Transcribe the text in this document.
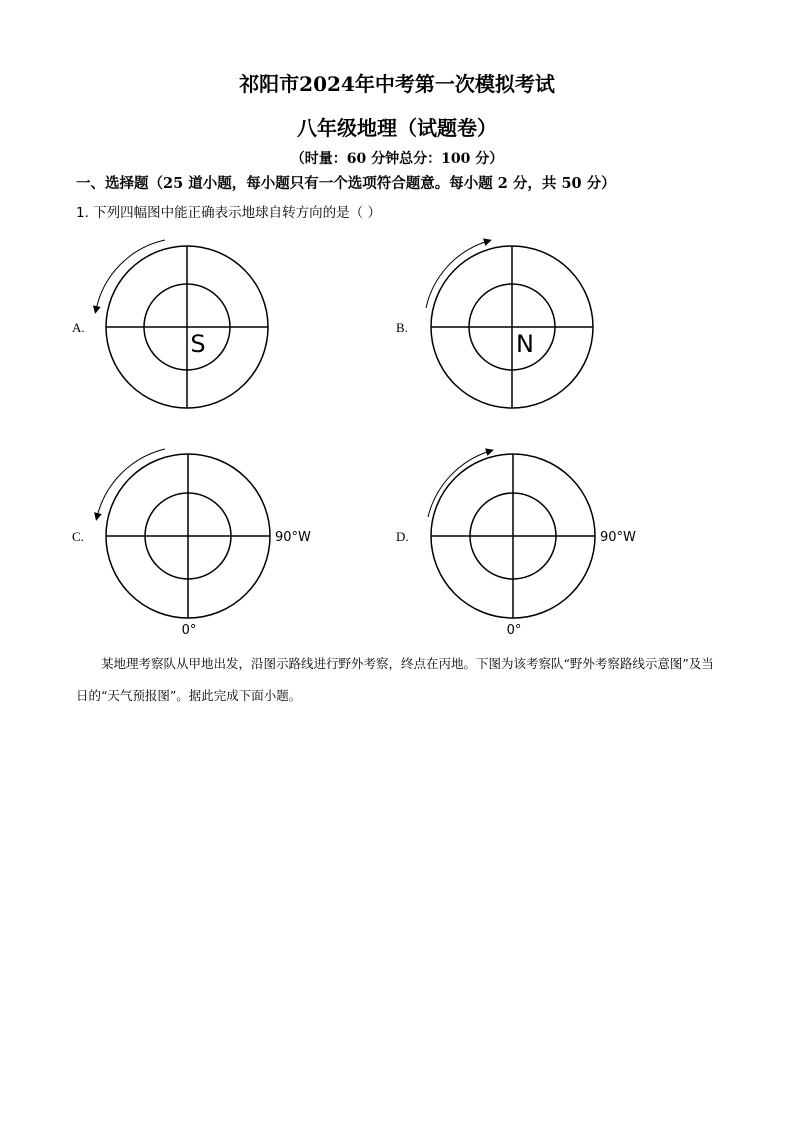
祁阳市2024年中考第一次模拟考试
八年级地理（试题卷）
（时量：60 分钟总分：100 分）
一、选择题（25 道小题，每小题只有一个选项符合题意。每小题 2 分，共 50 分）
1. 下列四幅图中能正确表示地球自转方向的是（ ）
A.	B.
C.	D.
S	N
90°W
0°
90°W
0°
某地理考察队从甲地出发，沿图示路线进行野外考察，终点在丙地。下图为该考察队“野外考察路线示意图”及当日的“天气预报图”。据此完成下面小题。
